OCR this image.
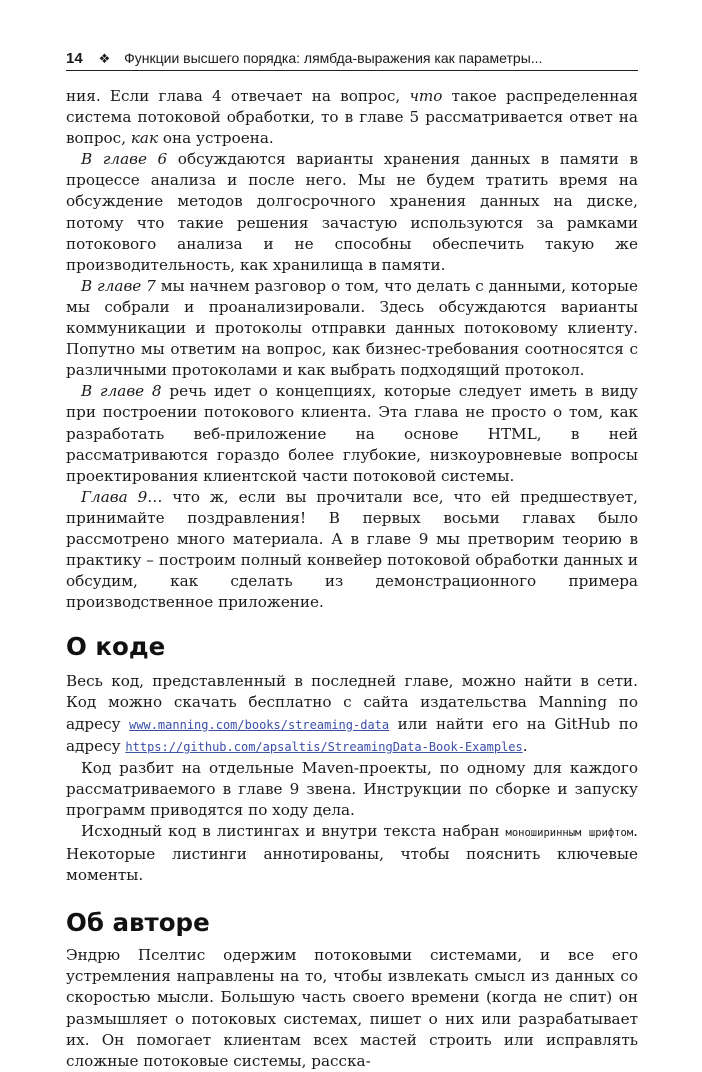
14 ❖ Функции высшего порядка: лямбда-выражения как параметры...

ния. Если глава 4 отвечает на вопрос, что такое распределенная система потоковой обработки, то в главе 5 рассматривается ответ на вопрос, как она устроена.

В главе 6 обсуждаются варианты хранения данных в памяти в процессе анализа и после него. Мы не будем тратить время на обсуждение методов долгосрочного хранения данных на диске, потому что такие решения зачастую используются за рамками потокового анализа и не способны обеспечить такую же производительность, как хранилища в памяти.

В главе 7 мы начнем разговор о том, что делать с данными, которые мы собрали и проанализировали. Здесь обсуждаются варианты коммуникации и протоколы отправки данных потоковому клиенту. Попутно мы ответим на вопрос, как бизнес-требования соотносятся с различными протоколами и как выбрать подходящий протокол.

В главе 8 речь идет о концепциях, которые следует иметь в виду при построении потокового клиента. Эта глава не просто о том, как разработать веб-приложение на основе HTML, в ней рассматриваются гораздо более глубокие, низкоуровневые вопросы проектирования клиентской части потоковой системы.

Глава 9… что ж, если вы прочитали все, что ей предшествует, принимайте поздравления! В первых восьми главах было рассмотрено много материала. А в главе 9 мы претворим теорию в практику – построим полный конвейер потоковой обработки данных и обсудим, как сделать из демонстрационного примера производственное приложение.

О коде

Весь код, представленный в последней главе, можно найти в сети. Код можно скачать бесплатно с сайта издательства Manning по адресу www.manning.com/books/streaming-data или найти его на GitHub по адресу https://github.com/apsaltis/StreamingData-Book-Examples.

Код разбит на отдельные Maven-проекты, по одному для каждого рассматриваемого в главе 9 звена. Инструкции по сборке и запуску программ приводятся по ходу дела.

Исходный код в листингах и внутри текста набран моноширинным шрифтом. Некоторые листинги аннотированы, чтобы пояснить ключевые моменты.

Об авторе

Эндрю Пселтис одержим потоковыми системами, и все его устремления направлены на то, чтобы извлекать смысл из данных со скоростью мысли. Большую часть своего времени (когда не спит) он размышляет о потоковых системах, пишет о них или разрабатывает их. Он помогает клиентам всех мастей строить или исправлять сложные потоковые системы, расска-
